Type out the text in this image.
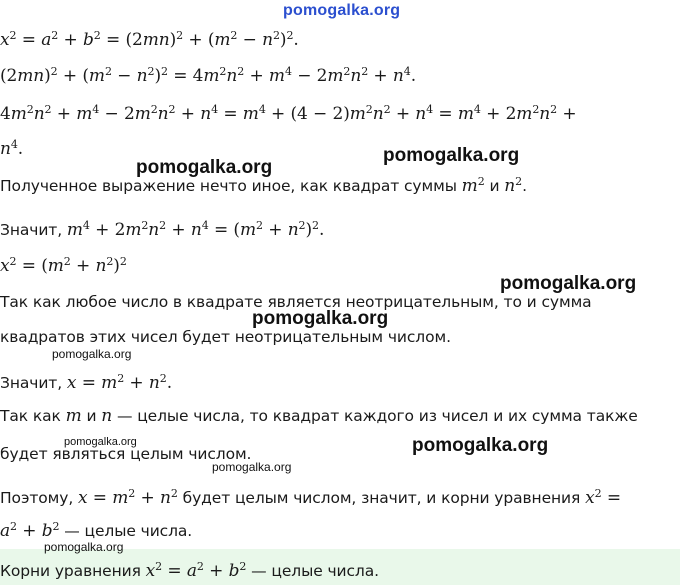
pomogalka.org
$x^2 = a^2 + b^2 = (2mn)^2 + (m^2 - n^2)^2$.
$(2mn)^2 + (m^2 - n^2)^2 = 4m^2n^2 + m^4 - 2m^2n^2 + n^4$.
$4m^2n^2 + m^4 - 2m^2n^2 + n^4 = m^4 + (4 - 2)m^2n^2 + n^4 = m^4 + 2m^2n^2$ +
$n^4$.
pomogalka.org
pomogalka.org
Полученное выражение нечто иное, как квадрат суммы $m^2$ и $n^2$.
Значит, $m^4 + 2m^2n^2 + n^4 = (m^2 + n^2)^2$.
$x^2 = (m^2 + n^2)^2$
pomogalka.org
Так как любое число в квадрате является неотрицательным, то и сумма
pomogalka.org
квадратов этих чисел будет неотрицательным числом.
pomogalka.org
Значит, $x = m^2 + n^2$.
Так как m и n — целые числа, то квадрат каждого из чисел и их сумма также
pomogalka.org	pomogalka.org
будет являться целым числом.
pomogalka.org
Поэтому, $x = m^2 + n^2$ будет целым числом, значит, и корни уравнения $x^2$ =
$a^2 + b^2$ — целые числа.
pomogalka.org
Корни уравнения $x^2 = a^2 + b^2$ — целые числа.
